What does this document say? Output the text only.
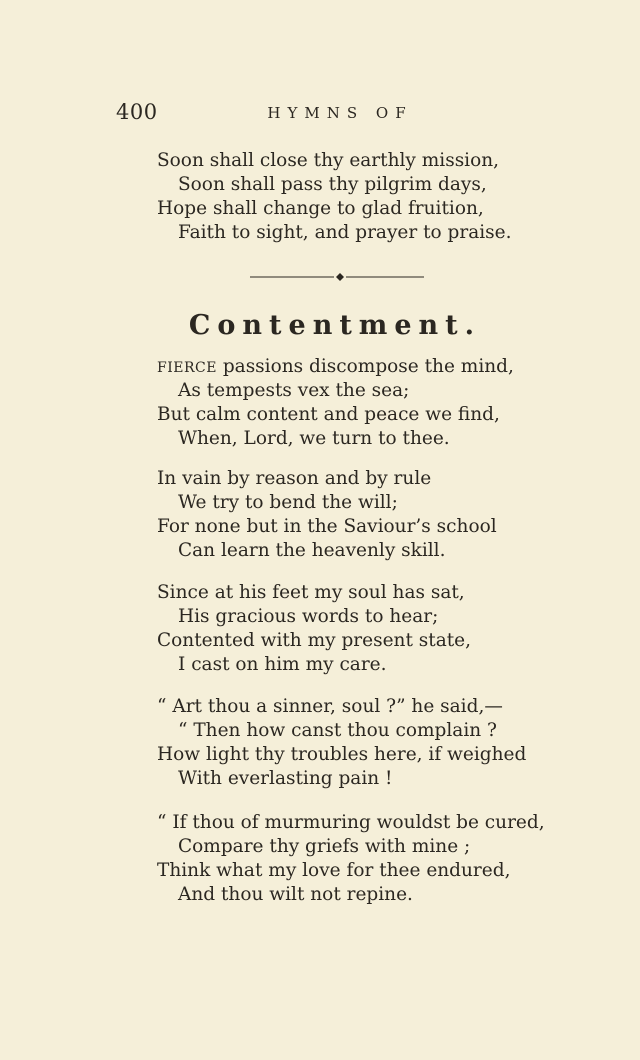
400	HYMNS OF
Soon shall close thy earthly mission,
Soon shall pass thy pilgrim days,
Hope shall change to glad fruition,
Faith to sight, and prayer to praise.
Contentment.
FIERCE passions discompose the mind,
As tempests vex the sea;
But calm content and peace we find,
When, Lord, we turn to thee.
In vain by reason and by rule
We try to bend the will;
For none but in the Saviour’s school
Can learn the heavenly skill.
Since at his feet my soul has sat,
His gracious words to hear;
Contented with my present state,
I cast on him my care.
“ Art thou a sinner, soul ?” he said,—
“ Then how canst thou complain ?
How light thy troubles here, if weighed
With everlasting pain !
“ If thou of murmuring wouldst be cured,
Compare thy griefs with mine ;
Think what my love for thee endured,
And thou wilt not repine.
